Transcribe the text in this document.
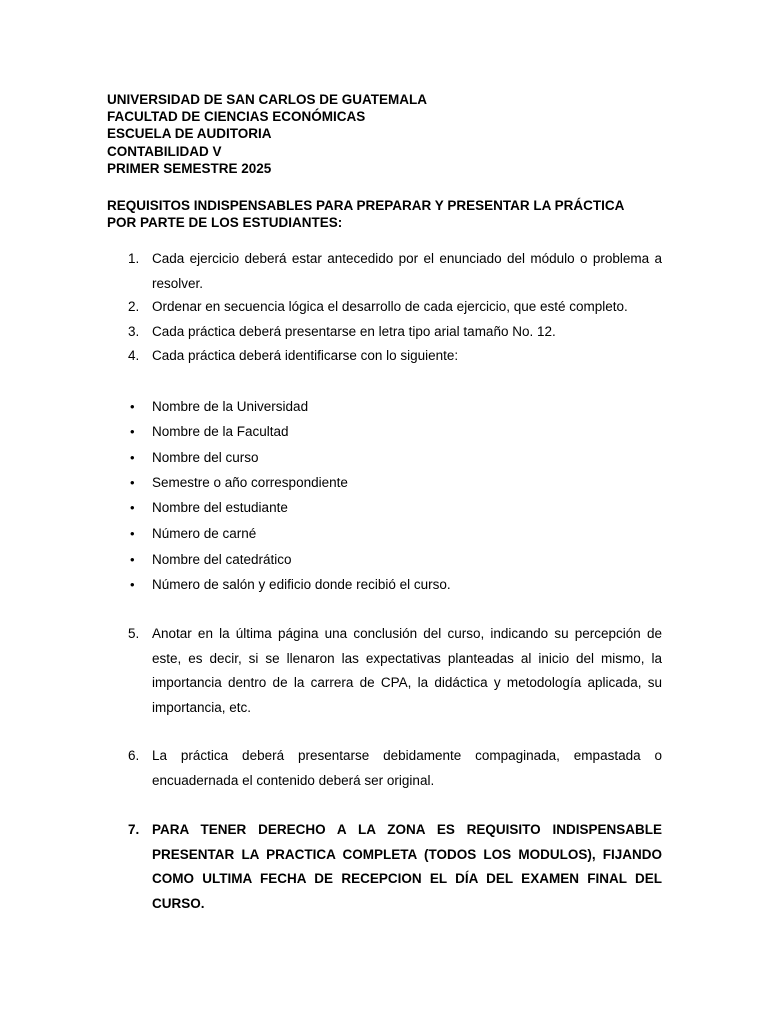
UNIVERSIDAD DE SAN CARLOS DE GUATEMALA
FACULTAD DE CIENCIAS ECONÓMICAS
ESCUELA DE AUDITORIA
CONTABILIDAD V
PRIMER SEMESTRE 2025
REQUISITOS INDISPENSABLES PARA PREPARAR Y PRESENTAR LA PRÁCTICA
POR PARTE DE LOS ESTUDIANTES:
1. Cada ejercicio deberá estar antecedido por el enunciado del módulo o problema a resolver.
2. Ordenar en secuencia lógica el desarrollo de cada ejercicio, que esté completo.
3. Cada práctica deberá presentarse en letra tipo arial tamaño No. 12.
4. Cada práctica deberá identificarse con lo siguiente:
• Nombre de la Universidad
• Nombre de la Facultad
• Nombre del curso
• Semestre o año correspondiente
• Nombre del estudiante
• Número de carné
• Nombre del catedrático
• Número de salón y edificio donde recibió el curso.
5. Anotar en la última página una conclusión del curso, indicando su percepción de este, es decir, si se llenaron las expectativas planteadas al inicio del mismo, la importancia dentro de la carrera de CPA, la didáctica y metodología aplicada, su importancia, etc.
6. La práctica deberá presentarse debidamente compaginada, empastada o encuadernada el contenido deberá ser original.
7. PARA TENER DERECHO A LA ZONA ES REQUISITO INDISPENSABLE PRESENTAR LA PRACTICA COMPLETA (TODOS LOS MODULOS), FIJANDO COMO ULTIMA FECHA DE RECEPCION EL DÍA DEL EXAMEN FINAL DEL CURSO.
